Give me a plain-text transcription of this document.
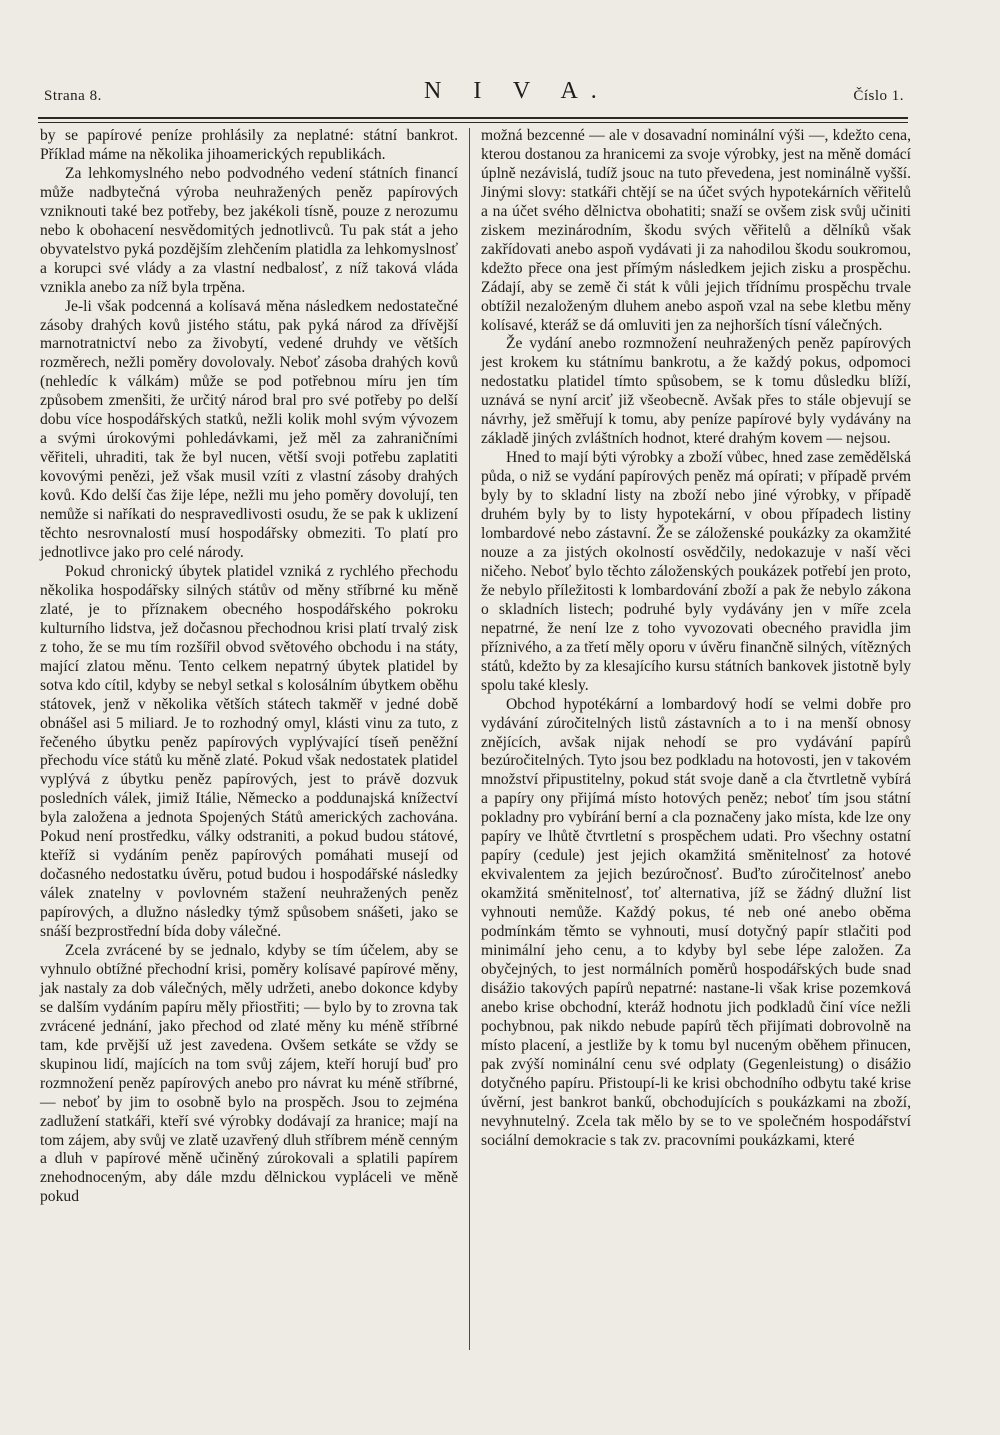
Strana 8.	N I V A.	Číslo 1.

by se papírové peníze prohlásily za neplatné: státní bankrot. Příklad máme na několika jihoamerických republikách.

Za lehkomyslného nebo podvodného vedení státních financí může nadbytečná výroba neuhražených peněz papírových vzniknouti také bez potřeby, bez jakékoli tísně, pouze z nerozumu nebo k obohacení nesvědomitých jednotlivců. Tu pak stát a jeho obyvatelstvo pyká pozdějším zlehčením platidla za lehkomyslnosť a korupci své vlády a za vlastní nedbalosť, z níž taková vláda vznikla anebo za níž byla trpěna.

Je-li však podcenná a kolísavá měna následkem nedostatečné zásoby drahých kovů jistého státu, pak pyká národ za dřívější marnotratnictví nebo za živobytí, vedené druhdy ve větších rozměrech, nežli poměry dovolovaly. Neboť zásoba drahých kovů (nehledíc k válkám) může se pod potřebnou míru jen tím způsobem zmenšiti, že určitý národ bral pro své potřeby po delší dobu více hospodářských statků, nežli kolik mohl svým vývozem a svými úrokovými pohledávkami, jež měl za zahraničními věřiteli, uhraditi, tak že byl nucen, větší svoji potřebu zaplatiti kovovými penězi, jež však musil vzíti z vlastní zásoby drahých kovů. Kdo delší čas žije lépe, nežli mu jeho poměry dovolují, ten nemůže si naříkati do nespravedlivosti osudu, že se pak k uklizení těchto nesrovnalostí musí hospodářsky obmeziti. To platí pro jednotlivce jako pro celé národy.

Pokud chronický úbytek platidel vzniká z rychlého přechodu několika hospodářsky silných státův od měny stříbrné ku měně zlaté, je to příznakem obecného hospodářského pokroku kulturního lidstva, jež dočasnou přechodnou krisi platí trvalý zisk z toho, že se mu tím rozšířil obvod světového obchodu i na státy, mající zlatou měnu. Tento celkem nepatrný úbytek platidel by sotva kdo cítil, kdyby se nebyl setkal s kolosálním úbytkem oběhu státovek, jenž v několika větších státech takměř v jedné době obnášel asi 5 miliard. Je to rozhodný omyl, klásti vinu za tuto, z řečeného úbytku peněz papírových vyplývající tíseň peněžní přechodu více států ku měně zlaté. Pokud však nedostatek platidel vyplývá z úbytku peněz papírových, jest to právě dozvuk posledních válek, jimiž Itálie, Německo a poddunajská knížectví byla založena a jednota Spojených Států amerických zachována. Pokud není prostředku, války odstraniti, a pokud budou státové, kteříž si vydáním peněz papírových pomáhati musejí od dočasného nedostatku úvěru, potud budou i hospodářské následky válek znatelny v povlovném stažení neuhražených peněz papírových, a dlužno následky týmž spůsobem snášeti, jako se snáší bezprostřední bída doby válečné.

Zcela zvrácené by se jednalo, kdyby se tím účelem, aby se vyhnulo obtížné přechodní krisi, poměry kolísavé papírové měny, jak nastaly za dob válečných, měly udržeti, anebo dokonce kdyby se dalším vydáním papíru měly přiostřiti; — bylo by to zrovna tak zvrácené jednání, jako přechod od zlaté měny ku méně stříbrné tam, kde prvější už jest zavedena. Ovšem setkáte se vždy se skupinou lidí, majících na tom svůj zájem, kteří horují buď pro rozmnožení peněz papírových anebo pro návrat ku méně stříbrné, — neboť by jim to osobně bylo na prospěch. Jsou to zejména zadlužení statkáři, kteří své výrobky dodávají za hranice; mají na tom zájem, aby svůj ve zlatě uzavřený dluh stříbrem méně cenným a dluh v papírové měně učiněný zúrokovali a splatili papírem znehodnoceným, aby dále mzdu dělnickou vypláceli ve měně pokud

možná bezcenné — ale v dosavadní nominální výši —, kdežto cena, kterou dostanou za hranicemi za svoje výrobky, jest na měně domácí úplně nezávislá, tudíž jsouc na tuto převedena, jest nominálně vyšší. Jinými slovy: statkáři chtějí se na účet svých hypotekárních věřitelů a na účet svého dělnictva obohatiti; snaží se ovšem zisk svůj učiniti ziskem mezinárodním, škodu svých věřitelů a dělníků však zakřídovati anebo aspoň vydávati ji za nahodilou škodu soukromou, kdežto přece ona jest přímým následkem jejich zisku a prospěchu. Zádají, aby se země či stát k vůli jejich třídnímu prospěchu trvale obtížil nezaloženým dluhem anebo aspoň vzal na sebe kletbu měny kolísavé, kteráž se dá omluviti jen za nejhorších tísní válečných.

Že vydání anebo rozmnožení neuhražených peněz papírových jest krokem ku státnímu bankrotu, a že každý pokus, odpomoci nedostatku platidel tímto spůsobem, se k tomu důsledku blíží, uznává se nyní arciť již všeobecně. Avšak přes to stále objevují se návrhy, jež směřují k tomu, aby peníze papírové byly vydávány na základě jiných zvláštních hodnot, které drahým kovem — nejsou.

Hned to mají býti výrobky a zboží vůbec, hned zase zemědělská půda, o niž se vydání papírových peněz má opírati; v případě prvém byly by to skladní listy na zboží nebo jiné výrobky, v případě druhém byly by to listy hypotekární, v obou případech listiny lombardové nebo zástavní. Že se záloženské poukázky za okamžité nouze a za jistých okolností osvědčily, nedokazuje v naší věci ničeho. Neboť bylo těchto záloženských poukázek potřebí jen proto, že nebylo příležitosti k lombardování zboží a pak že nebylo zákona o skladních listech; podruhé byly vydávány jen v míře zcela nepatrné, že není lze z toho vyvozovati obecného pravidla jim příznivého, a za třetí měly oporu v úvěru finančně silných, vítězných států, kdežto by za klesajícího kursu státních bankovek jistotně byly spolu také klesly.

Obchod hypotékární a lombardový hodí se velmi dobře pro vydávání zúročitelných listů zástavních a to i na menší obnosy znějících, avšak nijak nehodí se pro vydávání papírů bezúročitelných. Tyto jsou bez podkladu na hotovosti, jen v takovém množství připustitelny, pokud stát svoje daně a cla čtvrtletně vybírá a papíry ony přijímá místo hotových peněz; neboť tím jsou státní pokladny pro vybírání berní a cla poznačeny jako místa, kde lze ony papíry ve lhůtě čtvrtletní s prospěchem udati. Pro všechny ostatní papíry (cedule) jest jejich okamžitá směnitelnosť za hotové ekvivalentem za jejich bezúročnosť. Buďto zúročitelnosť anebo okamžitá směnitelnosť, toť alternativa, jíž se žádný dlužní list vyhnouti nemůže. Každý pokus, té neb oné anebo oběma podmínkám těmto se vyhnouti, musí dotyčný papír stlačiti pod minimální jeho cenu, a to kdyby byl sebe lépe založen. Za obyčejných, to jest normálních poměrů hospodářských bude snad disážio takových papírů nepatrné: nastane-li však krise pozemková anebo krise obchodní, kteráž hodnotu jich podkladů činí více nežli pochybnou, pak nikdo nebude papírů těch přijímati dobrovolně na místo placení, a jestliže by k tomu byl nuceným oběhem přinucen, pak zvýší nominální cenu své odplaty (Gegenleistung) o disážio dotyčného papíru. Přistoupí-li ke krisi obchodního odbytu také krise úvěrní, jest bankrot bankű, obchodujících s poukázkami na zboží, nevyhnutelný. Zcela tak mělo by se to ve společném hospodářství sociální demokracie s tak zv. pracovními poukázkami, které
